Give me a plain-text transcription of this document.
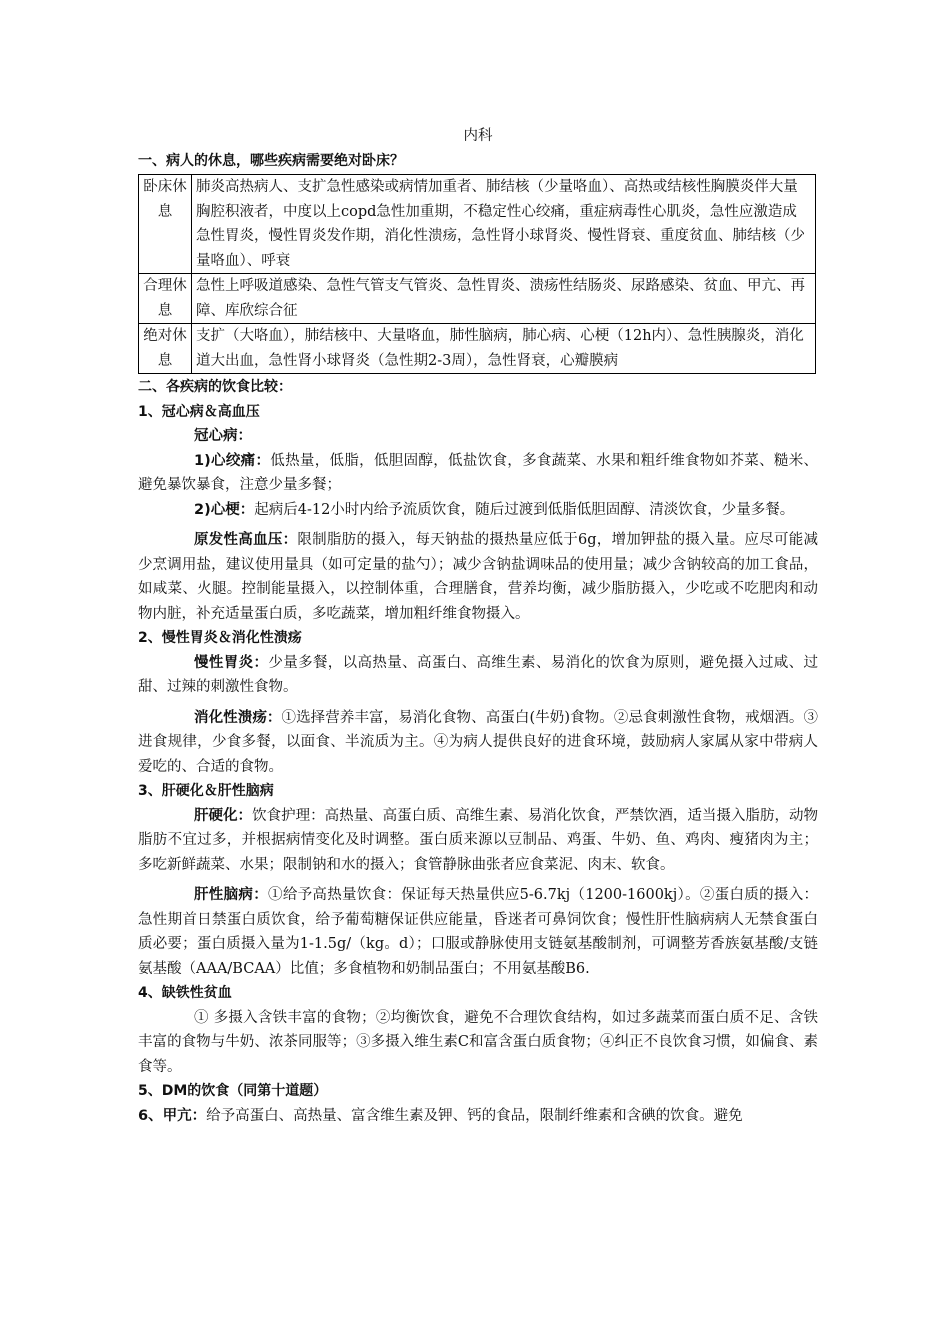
内科
一、病人的休息，哪些疾病需要绝对卧床？
卧床休息	肺炎高热病人、支扩急性感染或病情加重者、肺结核（少量咯血）、高热或结核性胸膜炎伴大量胸腔积液者，中度以上copd急性加重期，不稳定性心绞痛，重症病毒性心肌炎，急性应激造成急性胃炎，慢性胃炎发作期，消化性溃疡，急性肾小球肾炎、慢性肾衰、重度贫血、肺结核（少量咯血）、呼衰
合理休息	急性上呼吸道感染、急性气管支气管炎、急性胃炎、溃疡性结肠炎、尿路感染、贫血、甲亢、再障、库欣综合征
绝对休息	支扩（大咯血），肺结核中、大量咯血，肺性脑病，肺心病、心梗（12h内）、急性胰腺炎，消化道大出血，急性肾小球肾炎（急性期2-3周），急性肾衰，心瓣膜病
二、各疾病的饮食比较：
1、冠心病＆高血压
冠心病：

1)心绞痛：低热量，低脂，低胆固醇，低盐饮食，多食蔬菜、水果和粗纤维食物如芥菜、糙米、避免暴饮暴食，注意少量多餐；

2)心梗：起病后4-12小时内给予流质饮食，随后过渡到低脂低胆固醇、清淡饮食，少量多餐。

原发性高血压：限制脂肪的摄入，每天钠盐的摄热量应低于6g，增加钾盐的摄入量。应尽可能减少烹调用盐，建议使用量具（如可定量的盐勺）；减少含钠盐调味品的使用量；减少含钠较高的加工食品，如咸菜、火腿。控制能量摄入，以控制体重，合理膳食，营养均衡，减少脂肪摄入，少吃或不吃肥肉和动物内脏，补充适量蛋白质，多吃蔬菜，增加粗纤维食物摄入。

2、慢性胃炎＆消化性溃疡

慢性胃炎：少量多餐，以高热量、高蛋白、高维生素、易消化的饮食为原则，避免摄入过咸、过甜、过辣的刺激性食物。

消化性溃疡：①选择营养丰富，易消化食物、高蛋白(牛奶)食物。②忌食刺激性食物，戒烟酒。③进食规律，少食多餐，以面食、半流质为主。④为病人提供良好的进食环境，鼓励病人家属从家中带病人爱吃的、合适的食物。

3、肝硬化＆肝性脑病

肝硬化：饮食护理：高热量、高蛋白质、高维生素、易消化饮食，严禁饮酒，适当摄入脂肪，动物脂肪不宜过多，并根据病情变化及时调整。蛋白质来源以豆制品、鸡蛋、牛奶、鱼、鸡肉、瘦猪肉为主；多吃新鲜蔬菜、水果；限制钠和水的摄入；食管静脉曲张者应食菜泥、肉末、软食。

肝性脑病：①给予高热量饮食：保证每天热量供应5-6.7kj（1200-1600kj）。②蛋白质的摄入：急性期首日禁蛋白质饮食，给予葡萄糖保证供应能量，昏迷者可鼻饲饮食；慢性肝性脑病病人无禁食蛋白质必要；蛋白质摄入量为1-1.5g/（kg。d）；口服或静脉使用支链氨基酸制剂，可调整芳香族氨基酸/支链氨基酸（AAA/BCAA）比值；多食植物和奶制品蛋白；不用氨基酸B6.

4、缺铁性贫血

① 多摄入含铁丰富的食物；②均衡饮食，避免不合理饮食结构，如过多蔬菜而蛋白质不足、含铁丰富的食物与牛奶、浓茶同服等；③多摄入维生素C和富含蛋白质食物；④纠正不良饮食习惯，如偏食、素食等。

5、DM的饮食（同第十道题）

6、甲亢：给予高蛋白、高热量、富含维生素及钾、钙的食品，限制纤维素和含碘的饮食。避免
